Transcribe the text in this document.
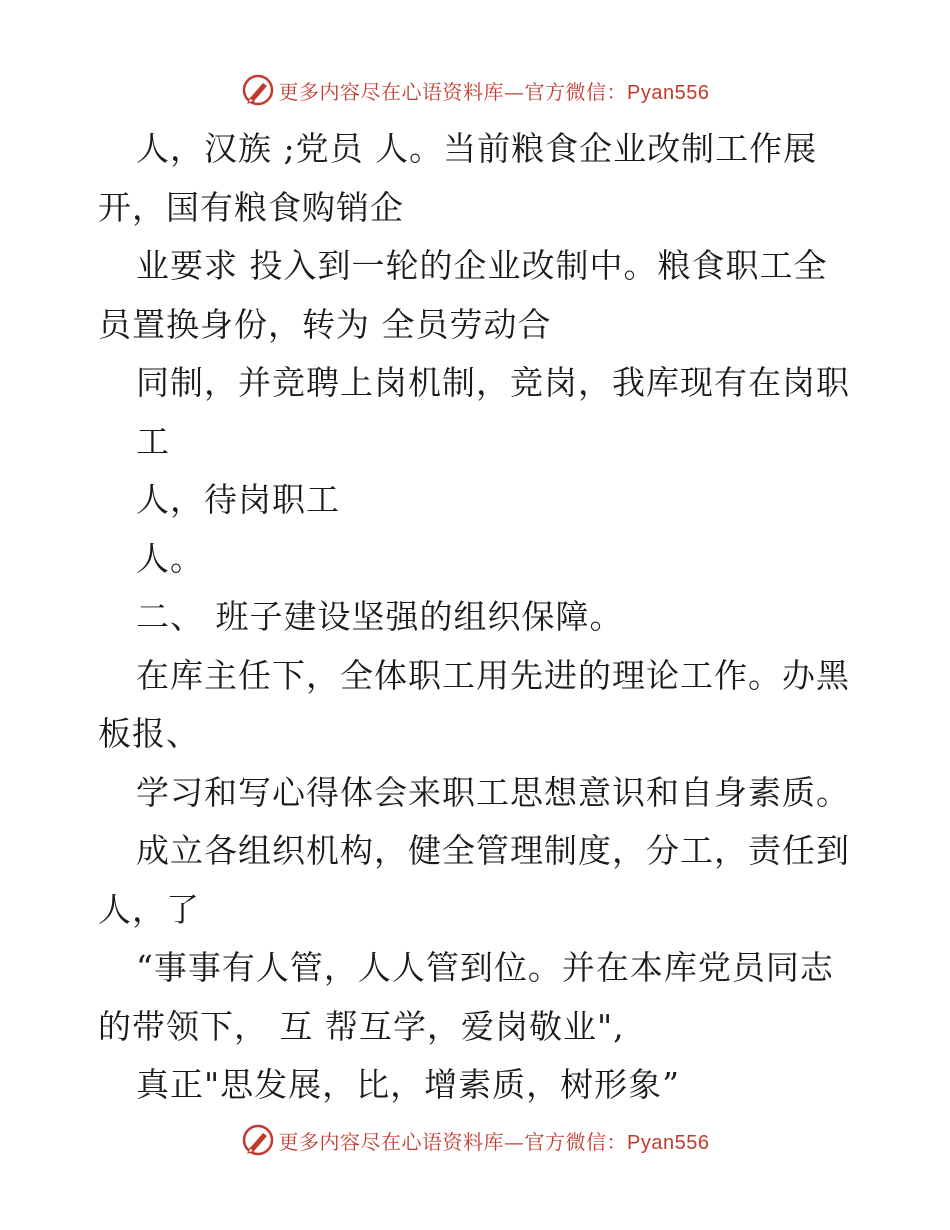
更多内容尽在心语资料库—官方微信：Pyan556
人，汉族 ;党员 人。当前粮食企业改制工作展
开，国有粮食购销企
业要求 投入到一轮的企业改制中。粮食职工全
员置换身份，转为 全员劳动合
同制，并竞聘上岗机制，竞岗，我库现有在岗职
工
人，待岗职工
人。
二、 班子建设坚强的组织保障。
在库主任下，全体职工用先进的理论工作。办黑
板报、
学习和写心得体会来职工思想意识和自身素质。
成立各组织机构，健全管理制度，分工，责任到
人，了
“事事有人管，人人管到位。并在本库党员同志
的带领下， 互 帮互学，爱岗敬业",
真正"思发展，比，增素质，树形象”
更多内容尽在心语资料库—官方微信：Pyan556
